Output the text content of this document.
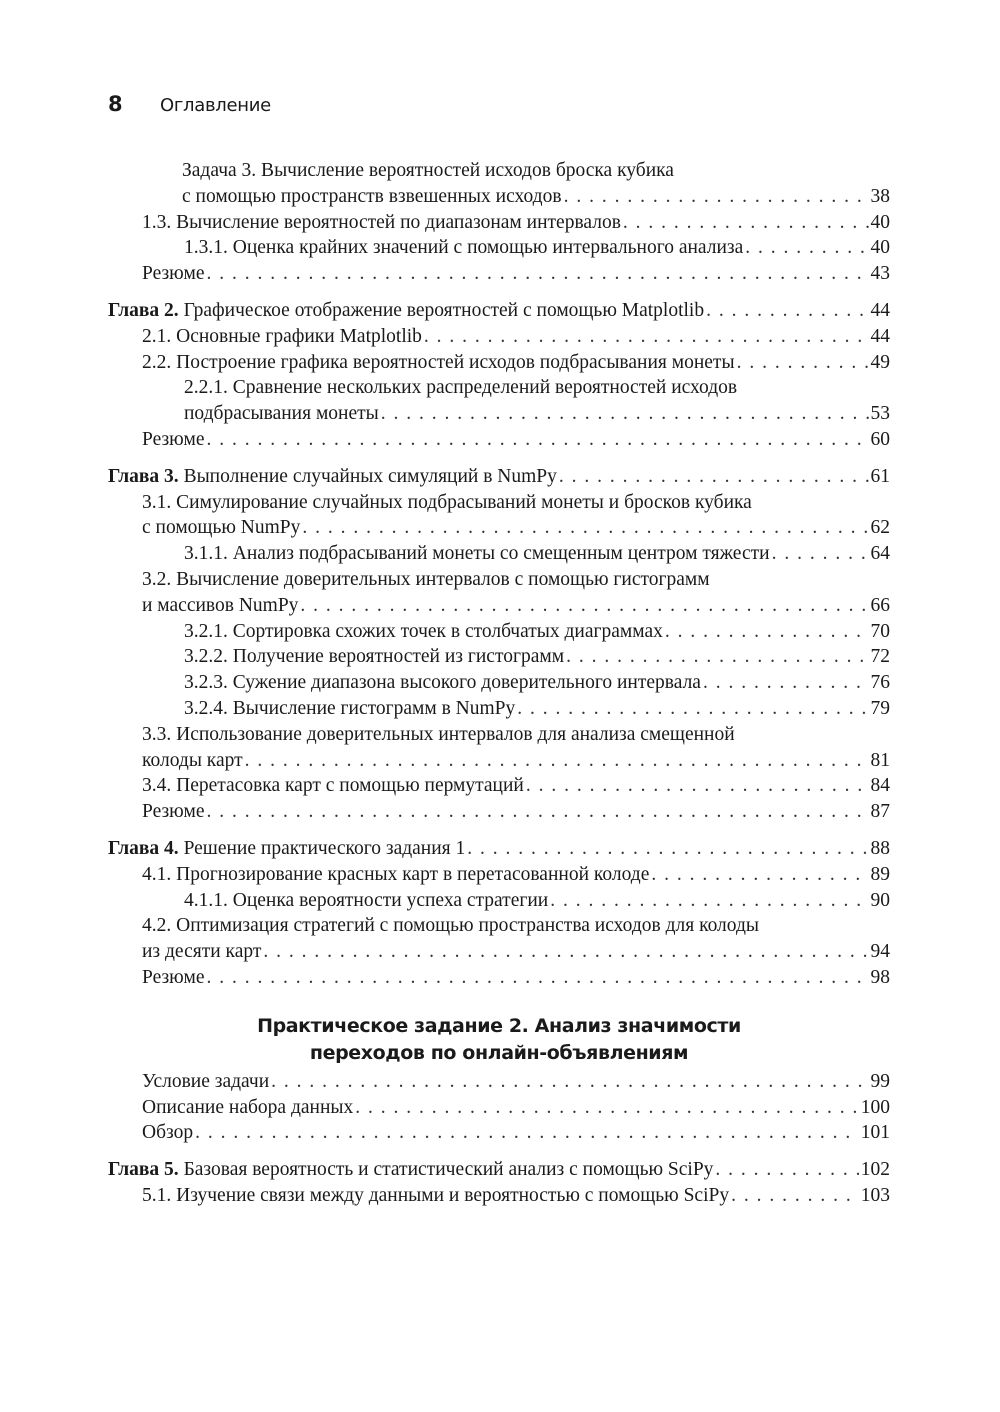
8	Оглавление
Задача 3. Вычисление вероятностей исходов броска кубика
с помощью пространств взвешенных исходов . . .	38
1.3. Вычисление вероятностей по диапазонам интервалов . . .	40
1.3.1. Оценка крайних значений с помощью интервального анализа . . .	40
Резюме . . .	43
Глава 2. Графическое отображение вероятностей с помощью Matplotlib . . .	44
2.1. Основные графики Matplotlib . . .	44
2.2. Построение графика вероятностей исходов подбрасывания монеты . . .	49
2.2.1. Сравнение нескольких распределений вероятностей исходов
подбрасывания монеты . . .	53
Резюме . . .	60
Глава 3. Выполнение случайных симуляций в NumPy . . .	61
3.1. Симулирование случайных подбрасываний монеты и бросков кубика
с помощью NumPy . . .	62
3.1.1. Анализ подбрасываний монеты со смещенным центром тяжести . . .	64
3.2. Вычисление доверительных интервалов с помощью гистограмм
и массивов NumPy . . .	66
3.2.1. Сортировка схожих точек в столбчатых диаграммах . . .	70
3.2.2. Получение вероятностей из гистограмм . . .	72
3.2.3. Сужение диапазона высокого доверительного интервала . . .	76
3.2.4. Вычисление гистограмм в NumPy . . .	79
3.3. Использование доверительных интервалов для анализа смещенной
колоды карт . . .	81
3.4. Перетасовка карт с помощью пермутаций . . .	84
Резюме . . .	87
Глава 4. Решение практического задания 1 . . .	88
4.1. Прогнозирование красных карт в перетасованной колоде . . .	89
4.1.1. Оценка вероятности успеха стратегии . . .	90
4.2. Оптимизация стратегий с помощью пространства исходов для колоды
из десяти карт . . .	94
Резюме . . .	98
Практическое задание 2. Анализ значимости
переходов по онлайн-объявлениям
Условие задачи . . .	99
Описание набора данных . . .	100
Обзор . . .	101
Глава 5. Базовая вероятность и статистический анализ с помощью SciPy . . .	102
5.1. Изучение связи между данными и вероятностью с помощью SciPy . . .	103
